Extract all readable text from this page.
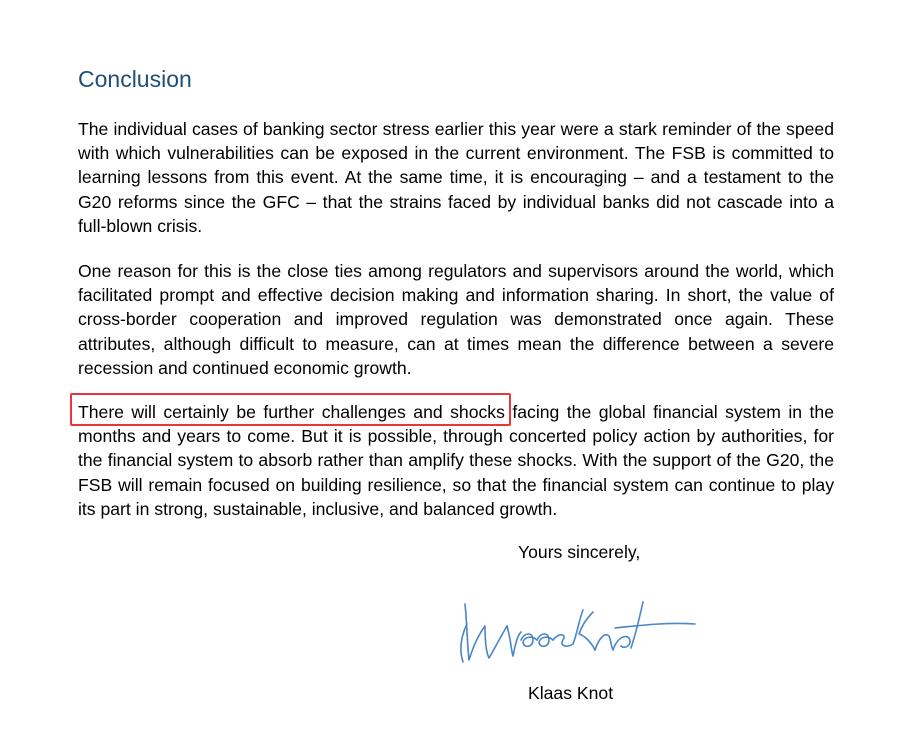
Conclusion

The individual cases of banking sector stress earlier this year were a stark reminder of the speed with which vulnerabilities can be exposed in the current environment. The FSB is committed to learning lessons from this event. At the same time, it is encouraging – and a testament to the G20 reforms since the GFC – that the strains faced by individual banks did not cascade into a full-blown crisis.

One reason for this is the close ties among regulators and supervisors around the world, which facilitated prompt and effective decision making and information sharing. In short, the value of cross-border cooperation and improved regulation was demonstrated once again. These attributes, although difficult to measure, can at times mean the difference between a severe recession and continued economic growth.

There will certainly be further challenges and shocks facing the global financial system in the months and years to come. But it is possible, through concerted policy action by authorities, for the financial system to absorb rather than amplify these shocks. With the support of the G20, the FSB will remain focused on building resilience, so that the financial system can continue to play its part in strong, sustainable, inclusive, and balanced growth.

Yours sincerely,

Klaas Knot
